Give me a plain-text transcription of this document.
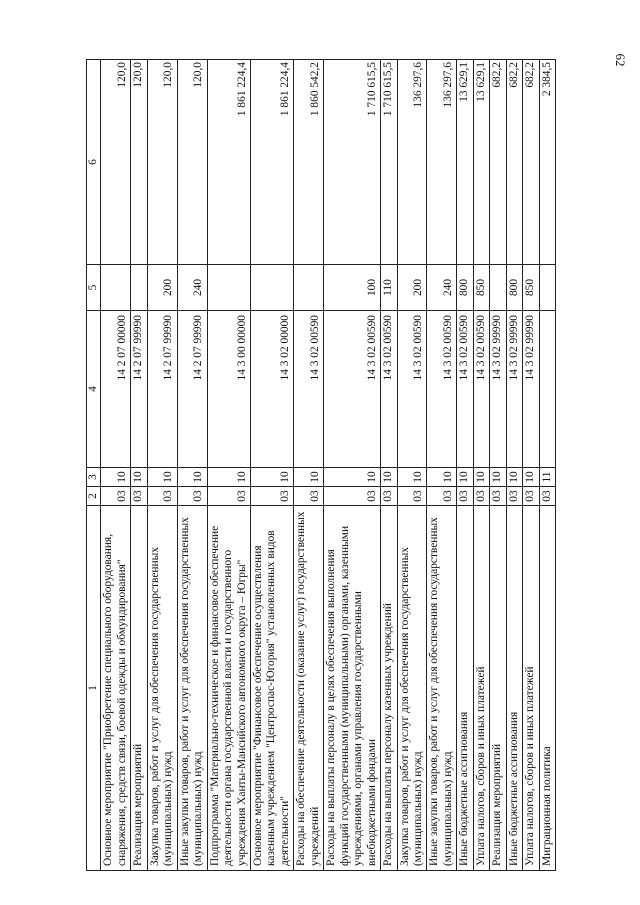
62
1	2	3	4	5	6
Основное мероприятие "Приобретение специального оборудования, снаряжения, средств связи, боевой одежды и обмундирования"	03	10	14 2 07 00000		120,0
Реализация мероприятий	03	10	14 2 07 99990		120,0
Закупка товаров, работ и услуг для обеспечения государственных (муниципальных) нужд	03	10	14 2 07 99990	200	120,0
Иные закупки товаров, работ и услуг для обеспечения государственных (муниципальных) нужд	03	10	14 2 07 99990	240	120,0
Подпрограмма "Материально-техническое и финансовое обеспечение деятельности органа государственной власти и государственного учреждения Ханты-Мансийского автономного округа – Югры"	03	10	14 3 00 00000		1 861 224,4
Основное мероприятие "Финансовое обеспечение осуществления казенным учреждением "Центроспас-Югория" установленных видов деятельности"	03	10	14 3 02 00000		1 861 224,4
Расходы на обеспечение деятельности (оказание услуг) государственных учреждений	03	10	14 3 02 00590		1 860 542,2
Расходы на выплаты персоналу в целях обеспечения выполнения функций государственными (муниципальными) органами, казенными учреждениями, органами управления государственными внебюджетными фондами	03	10	14 3 02 00590	100	1 710 615,5
Расходы на выплаты персоналу казенных учреждений	03	10	14 3 02 00590	110	1 710 615,5
Закупка товаров, работ и услуг для обеспечения государственных (муниципальных) нужд	03	10	14 3 02 00590	200	136 297,6
Иные закупки товаров, работ и услуг для обеспечения государственных (муниципальных) нужд	03	10	14 3 02 00590	240	136 297,6
Иные бюджетные ассигнования	03	10	14 3 02 00590	800	13 629,1
Уплата налогов, сборов и иных платежей	03	10	14 3 02 00590	850	13 629,1
Реализация мероприятий	03	10	14 3 02 99990		682,2
Иные бюджетные ассигнования	03	10	14 3 02 99990	800	682,2
Уплата налогов, сборов и иных платежей	03	10	14 3 02 99990	850	682,2
Миграционная политика	03	11			2 384,5
